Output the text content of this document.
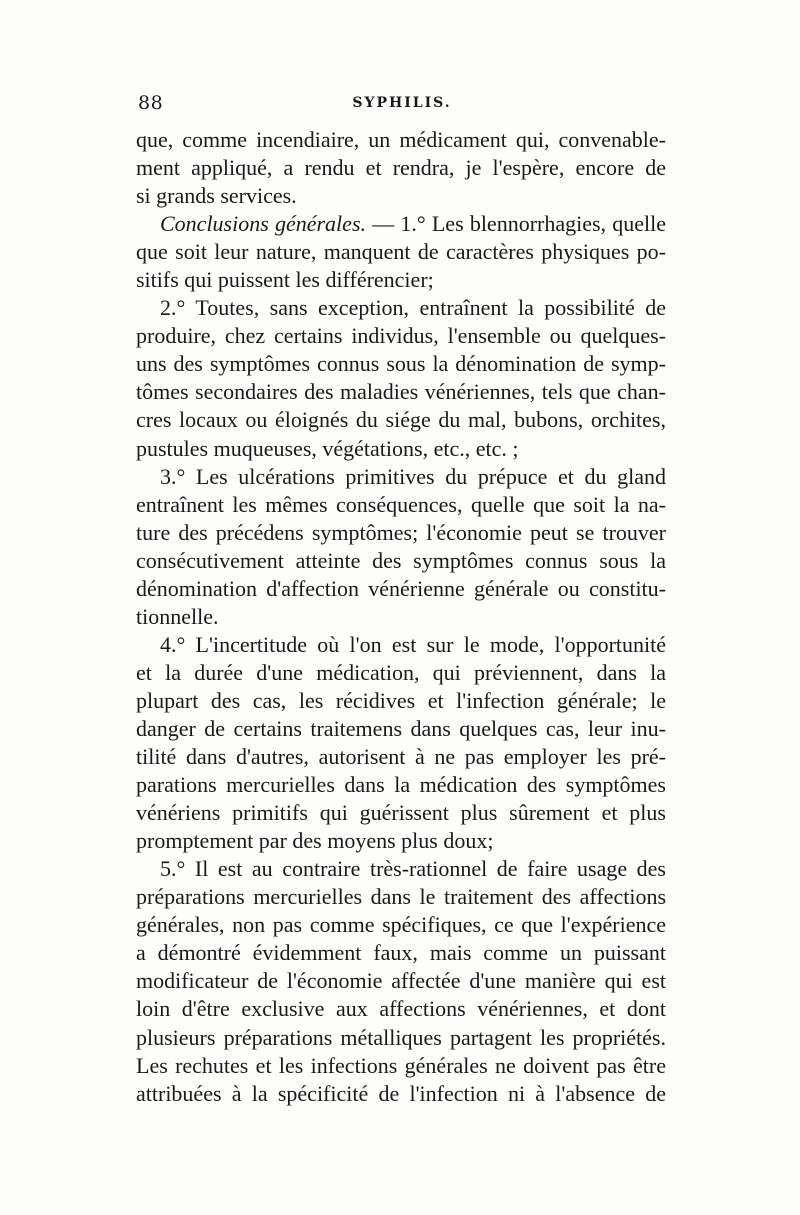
88	SYPHILIS.
que, comme incendiaire, un médicament qui, convenable-
ment appliqué, a rendu et rendra, je l'espère, encore de
si grands services.
Conclusions générales. — 1.° Les blennorrhagies, quelle
que soit leur nature, manquent de caractères physiques po-
sitifs qui puissent les différencier;
2.° Toutes, sans exception, entraînent la possibilité de
produire, chez certains individus, l'ensemble ou quelques-
uns des symptômes connus sous la dénomination de symp-
tômes secondaires des maladies vénériennes, tels que chan-
cres locaux ou éloignés du siége du mal, bubons, orchites,
pustules muqueuses, végétations, etc., etc. ;
3.° Les ulcérations primitives du prépuce et du gland
entraînent les mêmes conséquences, quelle que soit la na-
ture des précédens symptômes; l'économie peut se trouver
consécutivement atteinte des symptômes connus sous la
dénomination d'affection vénérienne générale ou constitu-
tionnelle.
4.° L'incertitude où l'on est sur le mode, l'opportunité
et la durée d'une médication, qui préviennent, dans la
plupart des cas, les récidives et l'infection générale; le
danger de certains traitemens dans quelques cas, leur inu-
tilité dans d'autres, autorisent à ne pas employer les pré-
parations mercurielles dans la médication des symptômes
vénériens primitifs qui guérissent plus sûrement et plus
promptement par des moyens plus doux;
5.° Il est au contraire très-rationnel de faire usage des
préparations mercurielles dans le traitement des affections
générales, non pas comme spécifiques, ce que l'expérience
a démontré évidemment faux, mais comme un puissant
modificateur de l'économie affectée d'une manière qui est
loin d'être exclusive aux affections vénériennes, et dont
plusieurs préparations métalliques partagent les propriétés.
Les rechutes et les infections générales ne doivent pas être
attribuées à la spécificité de l'infection ni à l'absence de
